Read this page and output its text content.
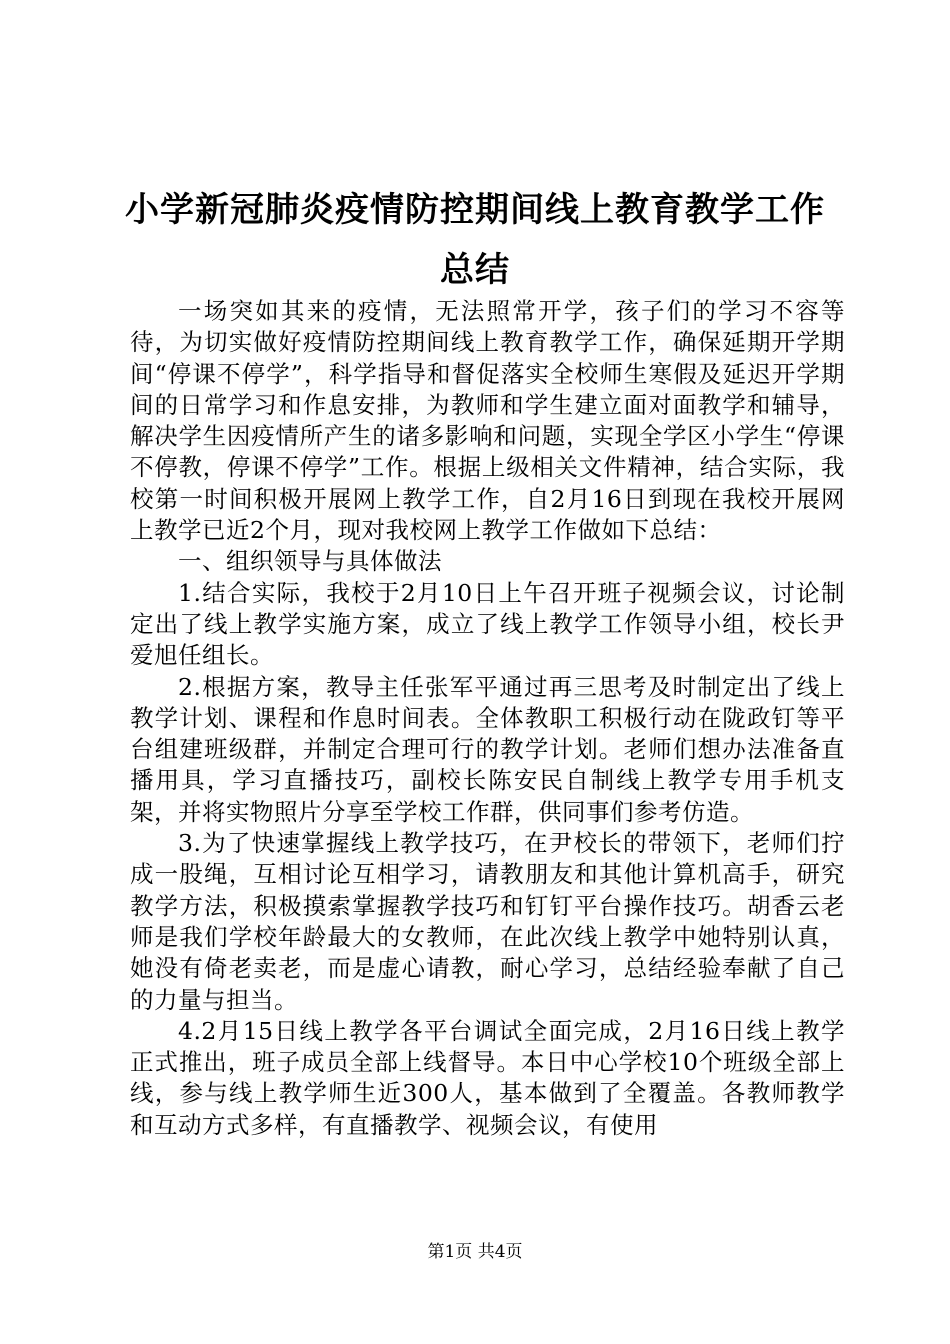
小学新冠肺炎疫情防控期间线上教育教学工作
总结

一场突如其来的疫情，无法照常开学，孩子们的学习不容等待，为切实做好疫情防控期间线上教育教学工作，确保延期开学期间“停课不停学”，科学指导和督促落实全校师生寒假及延迟开学期间的日常学习和作息安排，为教师和学生建立面对面教学和辅导，解决学生因疫情所产生的诸多影响和问题，实现全学区小学生“停课不停教，停课不停学”工作。根据上级相关文件精神，结合实际，我校第一时间积极开展网上教学工作，自2月16日到现在我校开展网上教学已近2个月，现对我校网上教学工作做如下总结：

一、组织领导与具体做法

1.结合实际，我校于2月10日上午召开班子视频会议，讨论制定出了线上教学实施方案，成立了线上教学工作领导小组，校长尹爱旭任组长。

2.根据方案，教导主任张军平通过再三思考及时制定出了线上教学计划、课程和作息时间表。全体教职工积极行动在陇政钉等平台组建班级群，并制定合理可行的教学计划。老师们想办法准备直播用具，学习直播技巧，副校长陈安民自制线上教学专用手机支架，并将实物照片分享至学校工作群，供同事们参考仿造。

3.为了快速掌握线上教学技巧，在尹校长的带领下，老师们拧成一股绳，互相讨论互相学习，请教朋友和其他计算机高手，研究教学方法，积极摸索掌握教学技巧和钉钉平台操作技巧。胡香云老师是我们学校年龄最大的女教师，在此次线上教学中她特别认真，她没有倚老卖老，而是虚心请教，耐心学习，总结经验奉献了自己的力量与担当。

4.2月15日线上教学各平台调试全面完成，2月16日线上教学正式推出，班子成员全部上线督导。本日中心学校10个班级全部上线，参与线上教学师生近300人，基本做到了全覆盖。各教师教学和互动方式多样，有直播教学、视频会议，有使用

第1页 共4页
